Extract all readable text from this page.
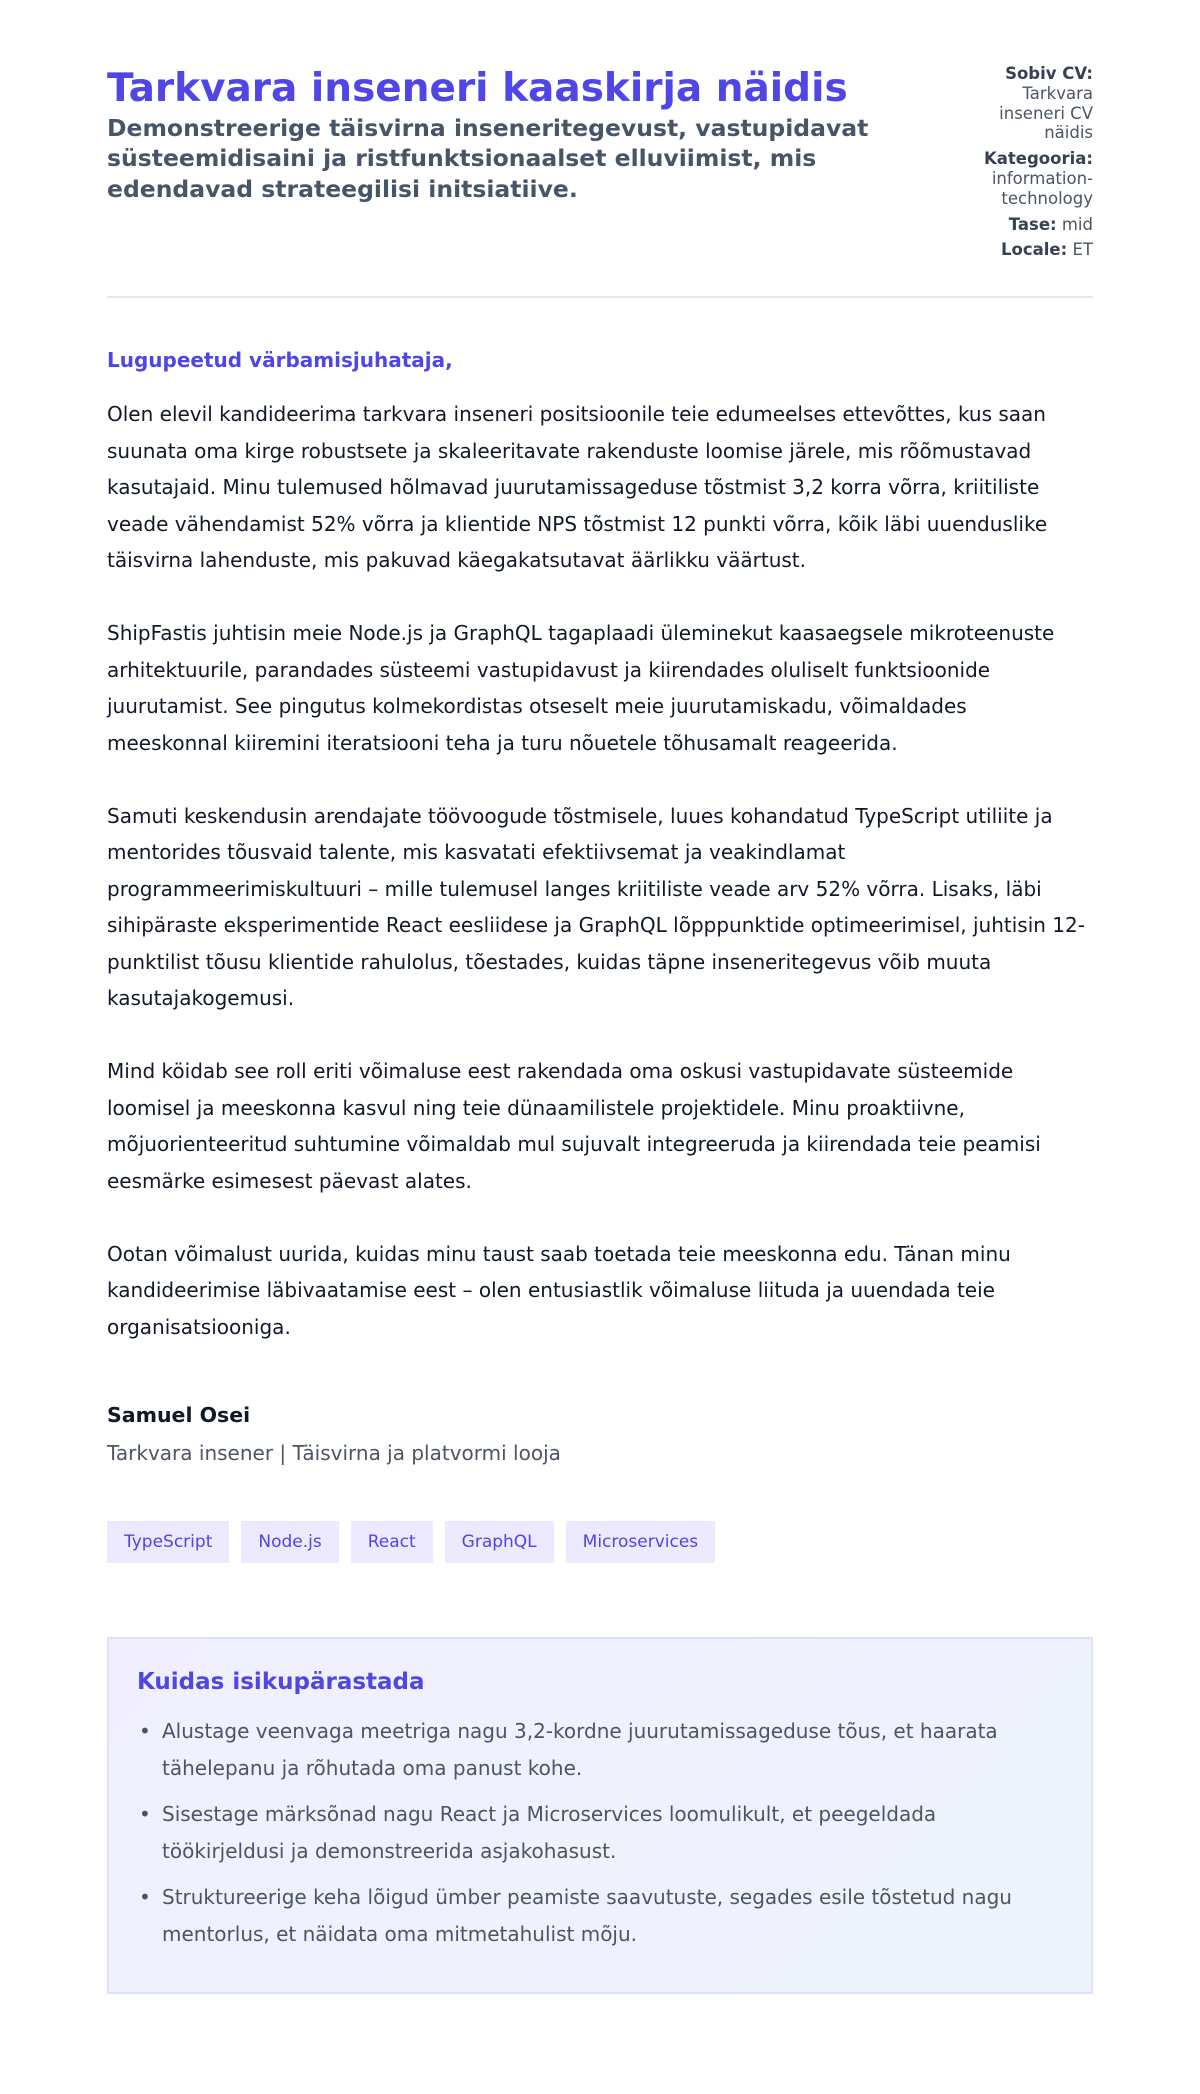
Tarkvara inseneri kaaskirja näidis
Demonstreerige täisvirna inseneritegevust, vastupidavat süsteemidisaini ja ristfunktsionaalset elluviimist, mis edendavad strateegilisi initsiatiive.
Sobiv CV: Tarkvara inseneri CV näidis
Kategooria: information-technology
Tase: mid
Locale: ET
Lugupeetud värbamisjuhataja,

Olen elevil kandideerima tarkvara inseneri positsioonile teie edumeelses ettevõttes, kus saan suunata oma kirge robustsete ja skaleeritavate rakenduste loomise järele, mis rõõmustavad kasutajaid. Minu tulemused hõlmavad juurutamissageduse tõstmist 3,2 korra võrra, kriitiliste veade vähendamist 52% võrra ja klientide NPS tõstmist 12 punkti võrra, kõik läbi uuenduslike täisvirna lahenduste, mis pakuvad käegakatsutavat äärlikku väärtust.

ShipFastis juhtisin meie Node.js ja GraphQL tagaplaadi üleminekut kaasaegsele mikroteenuste arhitektuurile, parandades süsteemi vastupidavust ja kiirendades oluliselt funktsioonide juurutamist. See pingutus kolmekordistas otseselt meie juurutamiskadu, võimaldades meeskonnal kiiremini iteratsiooni teha ja turu nõuetele tõhusamalt reageerida.

Samuti keskendusin arendajate töövoogude tõstmisele, luues kohandatud TypeScript utiliite ja mentorides tõusvaid talente, mis kasvatati efektiivsemat ja veakindlamat programmeerimiskultuuri – mille tulemusel langes kriitiliste veade arv 52% võrra. Lisaks, läbi sihipäraste eksperimentide React eesliidese ja GraphQL lõpppunktide optimeerimisel, juhtisin 12-punktilist tõusu klientide rahulolus, tõestades, kuidas täpne inseneritegevus võib muuta kasutajakogemusi.

Mind köidab see roll eriti võimaluse eest rakendada oma oskusi vastupidavate süsteemide loomisel ja meeskonna kasvul ning teie dünaamilistele projektidele. Minu proaktiivne, mõjuorienteeritud suhtumine võimaldab mul sujuvalt integreeruda ja kiirendada teie peamisi eesmärke esimesest päevast alates.

Ootan võimalust uurida, kuidas minu taust saab toetada teie meeskonna edu. Tänan minu kandideerimise läbivaatamise eest – olen entusiastlik võimaluse liituda ja uuendada teie organisatsiooniga.

Samuel Osei
Tarkvara insener | Täisvirna ja platvormi looja
TypeScript	Node.js	React	GraphQL	Microservices
Kuidas isikupärastada
• Alustage veenvaga meetriga nagu 3,2-kordne juurutamissageduse tõus, et haarata tähelepanu ja rõhutada oma panust kohe.
• Sisestage märksõnad nagu React ja Microservices loomulikult, et peegeldada töökirjeldusi ja demonstreerida asjakohasust.
• Struktureerige keha lõigud ümber peamiste saavutuste, segades esile tõstetud nagu mentorlus, et näidata oma mitmetahulist mõju.
